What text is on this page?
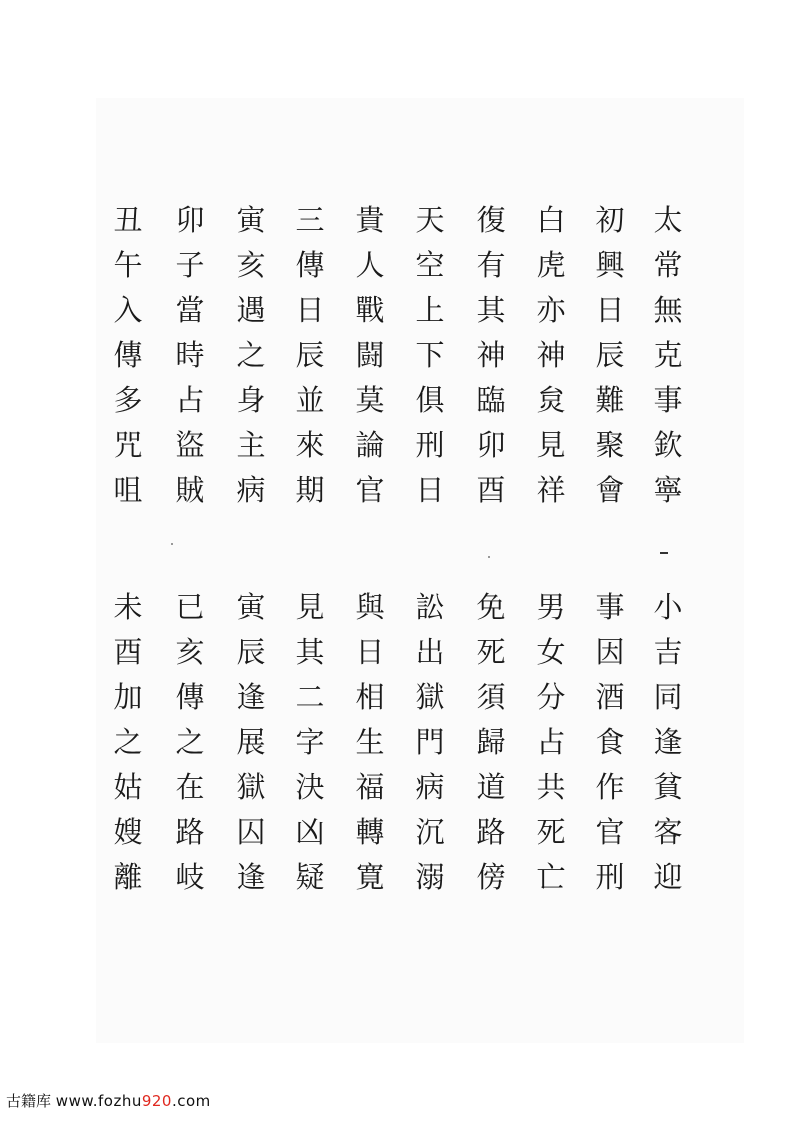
太
常
無
克
事
欽
寧
初
興
日
辰
難
聚
會
白
虎
亦
神
炱
見
祥
復
有
其
神
臨
卯
酉
天
空
上
下
俱
刑
日
貴
人
戰
闘
莫
論
官
三
傳
日
辰
並
來
期
寅
亥
遇
之
身
主
病
卯
子
當
時
占
盜
賊
丑
午
入
傳
多
咒
咀
小
吉
同
逢
貧
客
迎
事
因
酒
食
作
官
刑
男
女
分
占
共
死
亡
免
死
須
歸
道
路
傍
訟
出
獄
門
病
沉
溺
與
日
相
生
福
轉
寛
見
其
二
字
決
凶
疑
寅
辰
逢
展
獄
囚
逢
已
亥
傳
之
在
路
岐
未
酉
加
之
姑
嫂
離
古籍库 www.fozhu920.com
